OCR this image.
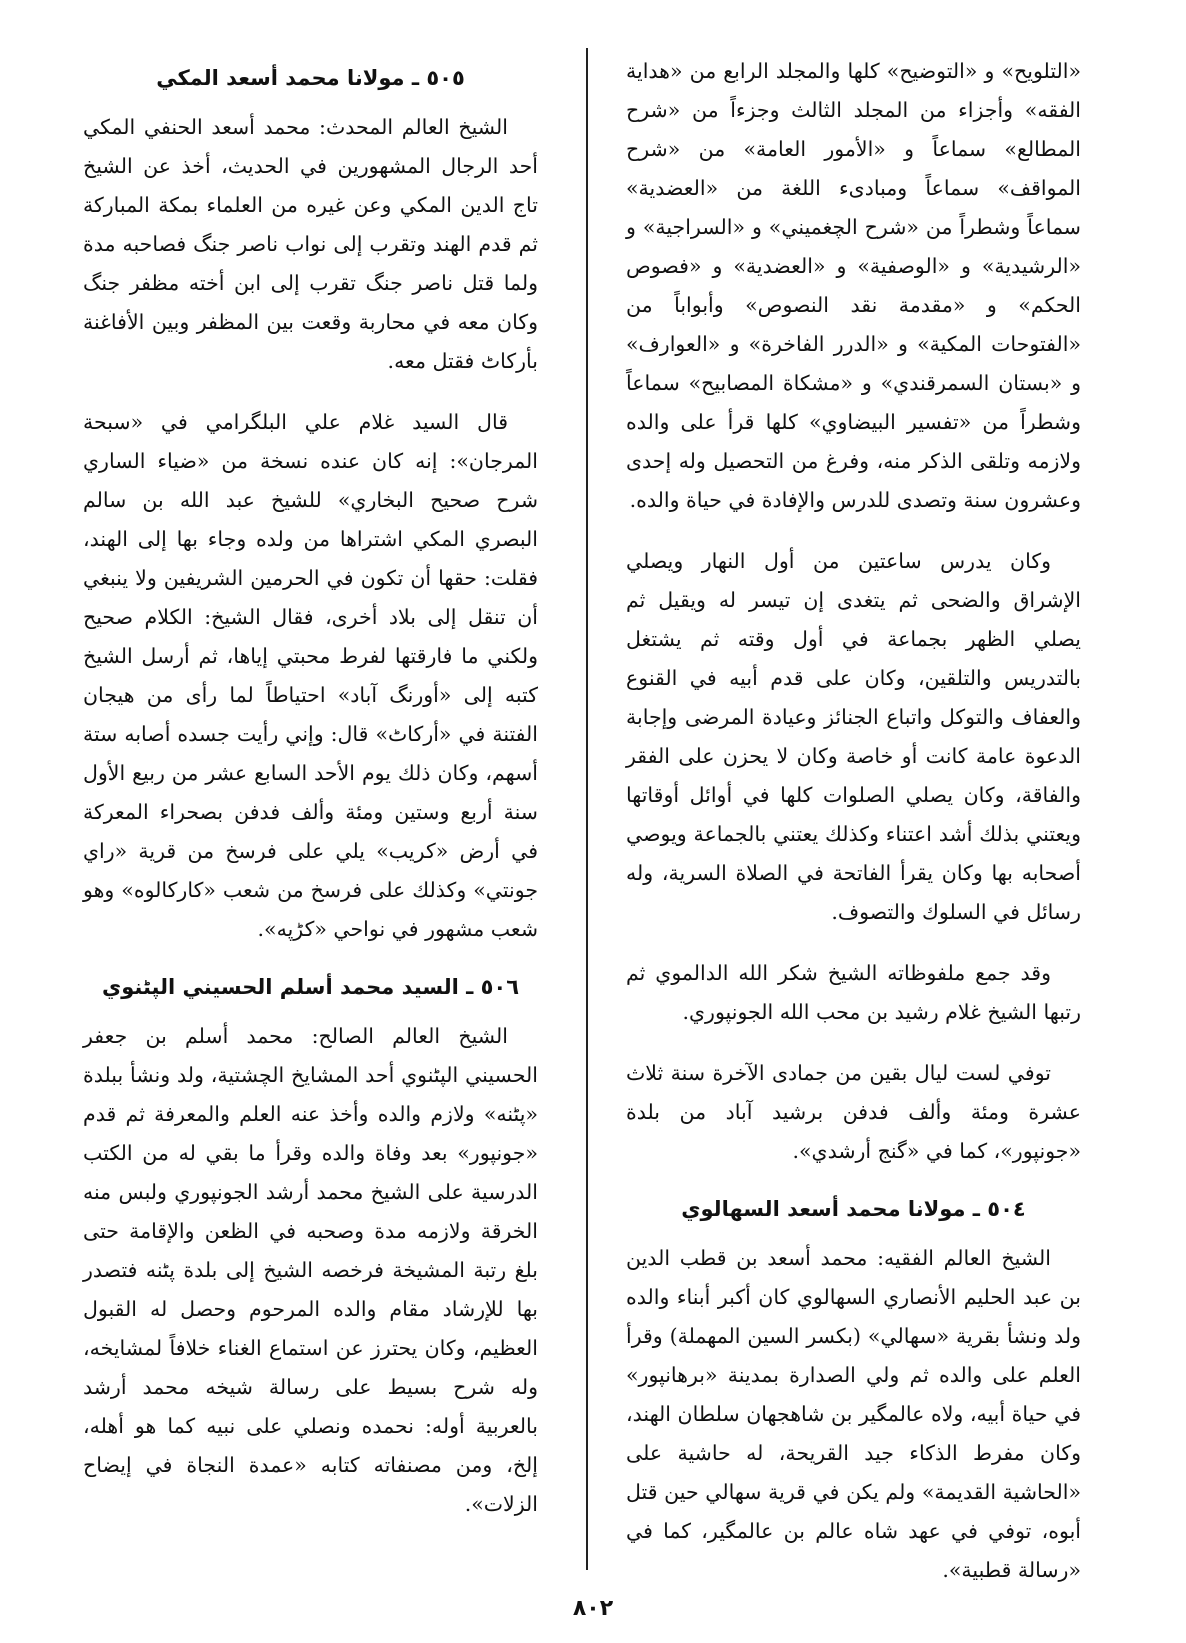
«التلويح» و «التوضيح» كلها والمجلد الرابع من «هداية الفقه» وأجزاء من المجلد الثالث وجزءاً من «شرح المطالع» سماعاً و «الأمور العامة» من «شرح المواقف» سماعاً ومبادىء اللغة من «العضدية» سماعاً وشطراً من «شرح الچغميني» و «السراجية» و «الرشيدية» و «الوصفية» و «العضدية» و «فصوص الحكم» و «مقدمة نقد النصوص» وأبواباً من «الفتوحات المكية» و «الدرر الفاخرة» و «العوارف» و «بستان السمرقندي» و «مشكاة المصابيح» سماعاً وشطراً من «تفسير البيضاوي» كلها قرأ على والده ولازمه وتلقى الذكر منه، وفرغ من التحصيل وله إحدى وعشرون سنة وتصدى للدرس والإفادة في حياة والده.

وكان يدرس ساعتين من أول النهار ويصلي الإشراق والضحى ثم يتغدى إن تيسر له ويقيل ثم يصلي الظهر بجماعة في أول وقته ثم يشتغل بالتدريس والتلقين، وكان على قدم أبيه في القنوع والعفاف والتوكل واتباع الجنائز وعيادة المرضى وإجابة الدعوة عامة كانت أو خاصة وكان لا يحزن على الفقر والفاقة، وكان يصلي الصلوات كلها في أوائل أوقاتها ويعتني بذلك أشد اعتناء وكذلك يعتني بالجماعة ويوصي أصحابه بها وكان يقرأ الفاتحة في الصلاة السرية، وله رسائل في السلوك والتصوف.

وقد جمع ملفوظاته الشيخ شكر الله الدالموي ثم رتبها الشيخ غلام رشيد بن محب الله الجونپوري.

توفي لست ليال بقين من جمادى الآخرة سنة ثلاث عشرة ومئة وألف فدفن برشيد آباد من بلدة «جونپور»، كما في «گنج أرشدي».

٥٠٤ ـ مولانا محمد أسعد السهالوي

الشيخ العالم الفقيه: محمد أسعد بن قطب الدين بن عبد الحليم الأنصاري السهالوي كان أكبر أبناء والده ولد ونشأ بقرية «سهالي» (بكسر السين المهملة) وقرأ العلم على والده ثم ولي الصدارة بمدينة «برهانپور» في حياة أبيه، ولاه عالمگير بن شاهجهان سلطان الهند، وكان مفرط الذكاء جيد القريحة، له حاشية على «الحاشية القديمة» ولم يكن في قرية سهالي حين قتل أبوه، توفي في عهد شاه عالم بن عالمگير، كما في «رسالة قطبية».

٥٠٥ ـ مولانا محمد أسعد المكي

الشيخ العالم المحدث: محمد أسعد الحنفي المكي أحد الرجال المشهورين في الحديث، أخذ عن الشيخ تاج الدين المكي وعن غيره من العلماء بمكة المباركة ثم قدم الهند وتقرب إلى نواب ناصر جنگ فصاحبه مدة ولما قتل ناصر جنگ تقرب إلى ابن أخته مظفر جنگ وكان معه في محاربة وقعت بين المظفر وبين الأفاغنة بأركاٹ فقتل معه.

قال السيد غلام علي البلگرامي في «سبحة المرجان»: إنه كان عنده نسخة من «ضياء الساري شرح صحيح البخاري» للشيخ عبد الله بن سالم البصري المكي اشتراها من ولده وجاء بها إلى الهند، فقلت: حقها أن تكون في الحرمين الشريفين ولا ينبغي أن تنقل إلى بلاد أخرى، فقال الشيخ: الكلام صحيح ولكني ما فارقتها لفرط محبتي إياها، ثم أرسل الشيخ كتبه إلى «أورنگ آباد» احتياطاً لما رأى من هيجان الفتنة في «أركاٹ» قال: وإني رأيت جسده أصابه ستة أسهم، وكان ذلك يوم الأحد السابع عشر من ربيع الأول سنة أربع وستين ومئة وألف فدفن بصحراء المعركة في أرض «كريب» يلي على فرسخ من قرية «راي جونتي» وكذلك على فرسخ من شعب «كاركالوه» وهو شعب مشهور في نواحي «كڑپه».

٥٠٦ ـ السيد محمد أسلم الحسيني الپٹنوي

الشيخ العالم الصالح: محمد أسلم بن جعفر الحسيني الپٹنوي أحد المشايخ الچشتية، ولد ونشأ ببلدة «پٹنه» ولازم والده وأخذ عنه العلم والمعرفة ثم قدم «جونپور» بعد وفاة والده وقرأ ما بقي له من الكتب الدرسية على الشيخ محمد أرشد الجونپوري ولبس منه الخرقة ولازمه مدة وصحبه في الظعن والإقامة حتى بلغ رتبة المشيخة فرخصه الشيخ إلى بلدة پٹنه فتصدر بها للإرشاد مقام والده المرحوم وحصل له القبول العظيم، وكان يحترز عن استماع الغناء خلافاً لمشايخه، وله شرح بسيط على رسالة شيخه محمد أرشد بالعربية أوله: نحمده ونصلي على نبيه كما هو أهله، إلخ، ومن مصنفاته كتابه «عمدة النجاة في إيضاح الزلات».

٨٠٢
